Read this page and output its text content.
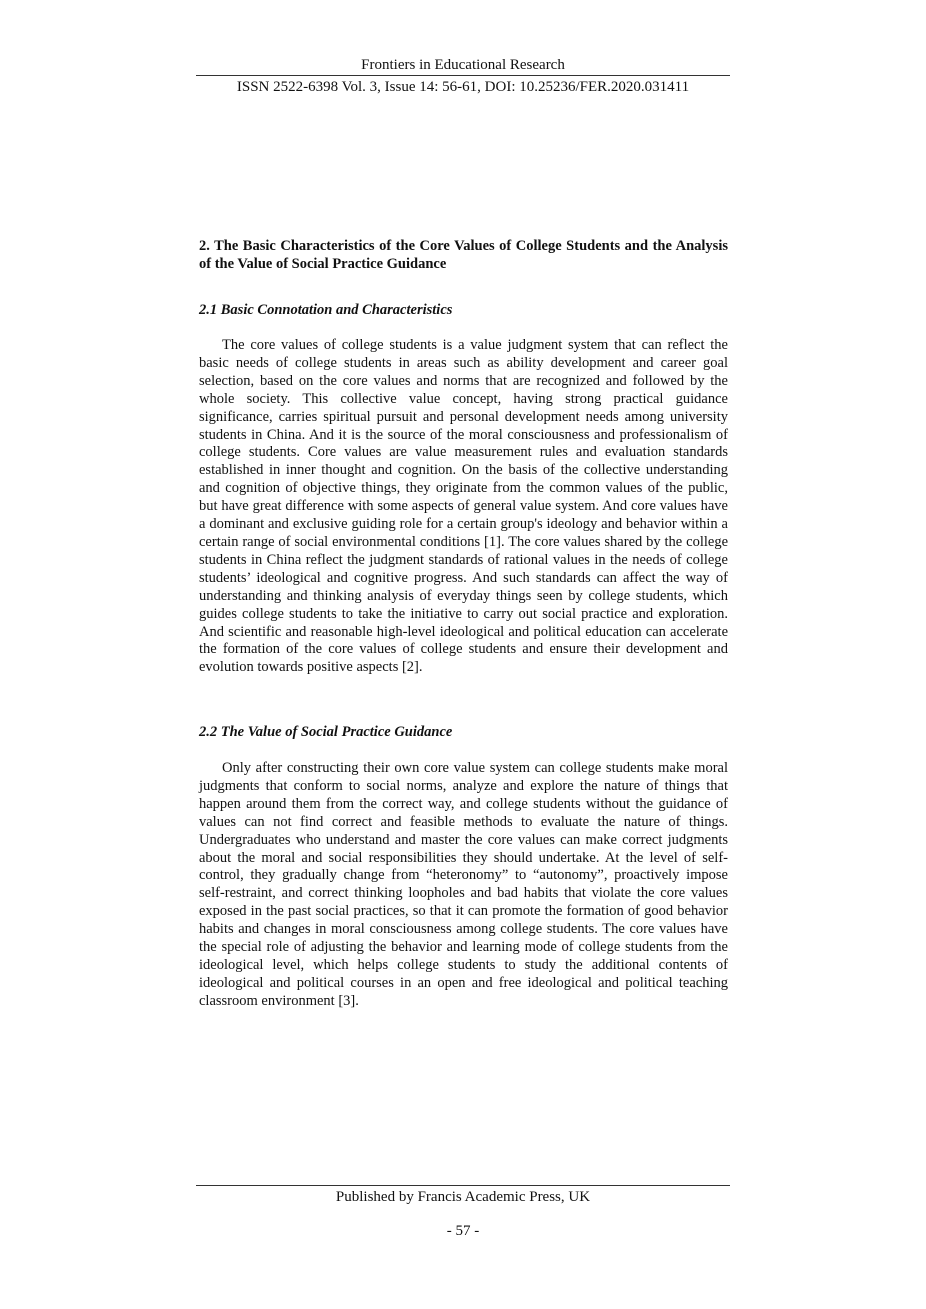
Frontiers in Educational Research
ISSN 2522-6398 Vol. 3, Issue 14: 56-61, DOI: 10.25236/FER.2020.031411
2. The Basic Characteristics of the Core Values of College Students and the Analysis of the Value of Social Practice Guidance
2.1 Basic Connotation and Characteristics

The core values of college students is a value judgment system that can reflect the basic needs of college students in areas such as ability development and career goal selection, based on the core values and norms that are recognized and followed by the whole society. This collective value concept, having strong practical guidance significance, carries spiritual pursuit and personal development needs among university students in China. And it is the source of the moral consciousness and professionalism of college students. Core values are value measurement rules and evaluation standards established in inner thought and cognition. On the basis of the collective understanding and cognition of objective things, they originate from the common values of the public, but have great difference with some aspects of general value system. And core values have a dominant and exclusive guiding role for a certain group's ideology and behavior within a certain range of social environmental conditions [1]. The core values shared by the college students in China reflect the judgment standards of rational values in the needs of college students’ ideological and cognitive progress. And such standards can affect the way of understanding and thinking analysis of everyday things seen by college students, which guides college students to take the initiative to carry out social practice and exploration. And scientific and reasonable high-level ideological and political education can accelerate the formation of the core values of college students and ensure their development and evolution towards positive aspects [2].

2.2 The Value of Social Practice Guidance

Only after constructing their own core value system can college students make moral judgments that conform to social norms, analyze and explore the nature of things that happen around them from the correct way, and college students without the guidance of values can not find correct and feasible methods to evaluate the nature of things. Undergraduates who understand and master the core values can make correct judgments about the moral and social responsibilities they should undertake. At the level of self-control, they gradually change from “heteronomy” to “autonomy”, proactively impose self-restraint, and correct thinking loopholes and bad habits that violate the core values exposed in the past social practices, so that it can promote the formation of good behavior habits and changes in moral consciousness among college students. The core values have the special role of adjusting the behavior and learning mode of college students from the ideological level, which helps college students to study the additional contents of ideological and political courses in an open and free ideological and political teaching classroom environment [3].

Published by Francis Academic Press, UK
- 57 -
